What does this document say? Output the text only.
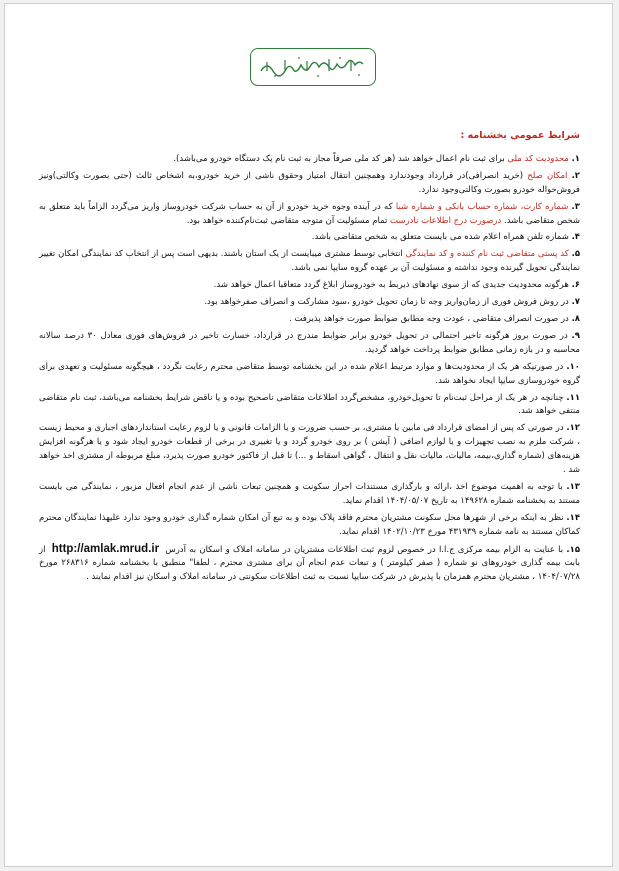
شرایط عمومی بخشنامه :
۱. محدودیت کد ملی برای ثبت نام اعمال خواهد شد (هر کد ملی صرفاً مجاز به ثبت نام یک دستگاه خودرو می‌باشد).
۲. امکان صلح (خرید انصرافی)در قرارداد وجودندارد وهمچنین انتقال امتیاز وحقوق ناشی از خرید خودرو،به اشخاص ثالث (حتی بصورت وکالتی)ونیز فروش‌حواله خودرو بصورت وکالتی‌وجود ندارد.
۳. شماره کارت، شماره حساب بانکی و شماره شبا که در آینده وجوه خرید خودرو از آن به حساب شرکت خودروساز واریز می‌گردد الزاماً باید متعلق به شخص متقاضی باشد. درصورت درج اطلاعات نادرست تمام مسئولیت آن متوجه متقاضی ثبت‌نام‌کننده خواهد بود.
۴. شماره تلفن همراه اعلام شده می بایست متعلق به شخص متقاضی باشد.
۵. کد پستی متقاضی ثبت نام کننده و کد نمایندگی انتخابی توسط مشتری میبایست از یک استان باشند. بدیهی است پس از انتخاب کد نمایندگی امکان تغییر نمایندگی تحویل گیرنده وجود نداشته و مسئولیت آن بر عهده گروه سایپا نمی باشد.
۶. هرگونه محدودیت جدیدی که از سوی نهادهای ذیربط به خودروساز ابلاغ گردد متعاقبا اعمال خواهد شد.
۷. در روش فروش فوری از زمان‌واریز وجه تا زمان تحویل خودرو ،سود مشارکت و انصراف صفرخواهد بود.
۸. در صورت انصراف متقاضی ، عودت وجه مطابق ضوابط صورت خواهد پذیرفت .
۹. در صورت بروز هرگونه تاخیر احتمالی در تحویل خودرو برابر ضوابط مندرج در قرارداد، خسارت تاخیر در فروش‌های فوری معادل ۳۰ درصد سالانه محاسبه و در بازه زمانی مطابق ضوابط پرداخت خواهد گردید.
۱۰. در صورتیکه هر یک از محدودیت‌ها و موارد مرتبط اعلام شده در این بخشنامه توسط متقاضی محترم رعایت نگردد ، هیچگونه مسئولیت و تعهدی برای گروه خودروسازی سایپا ایجاد نخواهد شد.
۱۱. چنانچه در هر یک از مراحل ثبت‌نام تا تحویل‌خودرو، مشخص‌گردد اطلاعات متقاضی ناصحیح بوده و یا ناقض شرایط بخشنامه می‌باشد، ثبت نام متقاضی منتفی خواهد شد.
۱۲. در صورتی که پس از امضای قرارداد فی مابین با مشتری، بر حسب ضرورت و یا الزامات قانونی و یا لزوم رعایت استانداردهای اجباری و محیط زیست ، شرکت ملزم به نصب تجهیزات و یا لوازم اضافی ( آپشن ) بر روی خودرو گردد و یا تغییری در برخی از قطعات خودرو ایجاد شود و یا هرگونه افزایش هزینه‌های (شماره گذاری،بیمه، مالیات، مالیات نقل و انتقال ، گواهی اسقاط و ...) تا قبل از فاکتور خودرو صورت پذیرد، مبلغ مربوطه از مشتری اخذ خواهد شد .
۱۳. با توجه به اهمیت موضوع اخذ ،ارائه و بارگذاری مستندات احراز سکونت و همچنین تبعات ناشی از عدم انجام افعال مزبور ، نمایندگی می بایست مستند به بخشنامه شماره ۱۴۹۶۲۸ به تاریخ ۱۴۰۴/۰۵/۰۷ اقدام نماید.
۱۴. نظر به اینکه برخی از شهرها محل سکونت مشتریان محترم فاقد پلاک بوده و به تبع آن امکان شماره گذاری خودرو وجود ندارد علیهذا نمایندگان محترم کماکان مستند به نامه شماره ۴۳۱۹۳۹ مورخ ۱۴۰۲/۱۰/۲۳ اقدام نماید.
۱۵. با عنایت به الزام بیمه مرکزی ج.ا.ا در خصوص لزوم ثبت اطلاعات مشتریان در سامانه املاک و اسکان به آدرس http://amlak.mrud.ir از بابت بیمه گذاری خودروهای نو شماره ( صفر کیلومتر ) و تبعات عدم انجام آن برای مشتری محترم ، لطفا" منطبق با بخشنامه شماره ۲۶۸۳۱۶ مورخ ۱۴۰۴/۰۷/۲۸ ، مشتریان محترم همزمان با پذیرش در شرکت سایپا نسبت به ثبت اطلاعات سکونتی در سامانه املاک و اسکان نیز اقدام نمایند .
